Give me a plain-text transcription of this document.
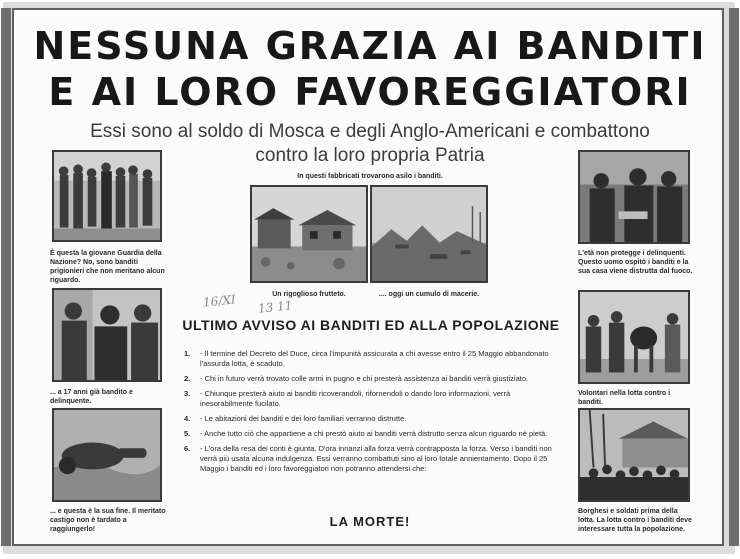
NESSUNA GRAZIA AI BANDITI
E AI LORO FAVOREGGIATORI
Essi sono al soldo di Mosca e degli Anglo-Americani e combattono
contro la loro propria Patria
È questa la giovane Guardia della Nazione? No, sono banditi prigionieri che non meritano alcun riguardo.
... a 17 anni già bandito e delinquente.
... e questa è la sua fine. Il meritato castigo non è tardato a raggiungerlo!
In questi fabbricati trovarono asilo i banditi.
Un rigoglioso frutteto.	.... oggi un cumulo di macerie.
16/XI 13 11
ULTIMO AVVISO AI BANDITI ED ALLA POPOLAZIONE
1.	- Il termine del Decreto del Duce, circa l'impunità assicurata a chi avesse entro il 25 Maggio abbandonato l'assurda lotta, è scaduto.
2.	- Chi in futuro verrà trovato colle armi in pugno e chi presterà assistenza ai banditi verrà giustiziato.
3.	- Chiunque presterà aiuto ai banditi ricoverandoli, rifornendoli o dando loro informazioni, verrà inesorabilmente fucilato.
4.	- Le abitazioni dei banditi e dei loro familiari verranno distrutte.
5.	- Anche tutto ciò che appartiene a chi prestò aiuto ai banditi verrà distrutto senza alcun riguardo nè pietà.
6.	- L'ora della resa dei conti è giunta. D'ora innanzi alla forza verrà contrapposta la forza. Verso i banditi non verrà più usata alcuna indulgenza. Essi verranno combattuti sino al loro totale annientamento. Dopo il 25 Maggio i banditi ed i loro favoreggiatori non potranno attendersi che:
LA MORTE!
L'età non protegge i delinquenti. Questo uomo ospitò i banditi e la sua casa viene distrutta dal fuoco.
Volontari nella lotta contro i banditi.
Borghesi e soldati prima della lotta. La lotta contro i banditi deve interessare tutta la popolazione.
